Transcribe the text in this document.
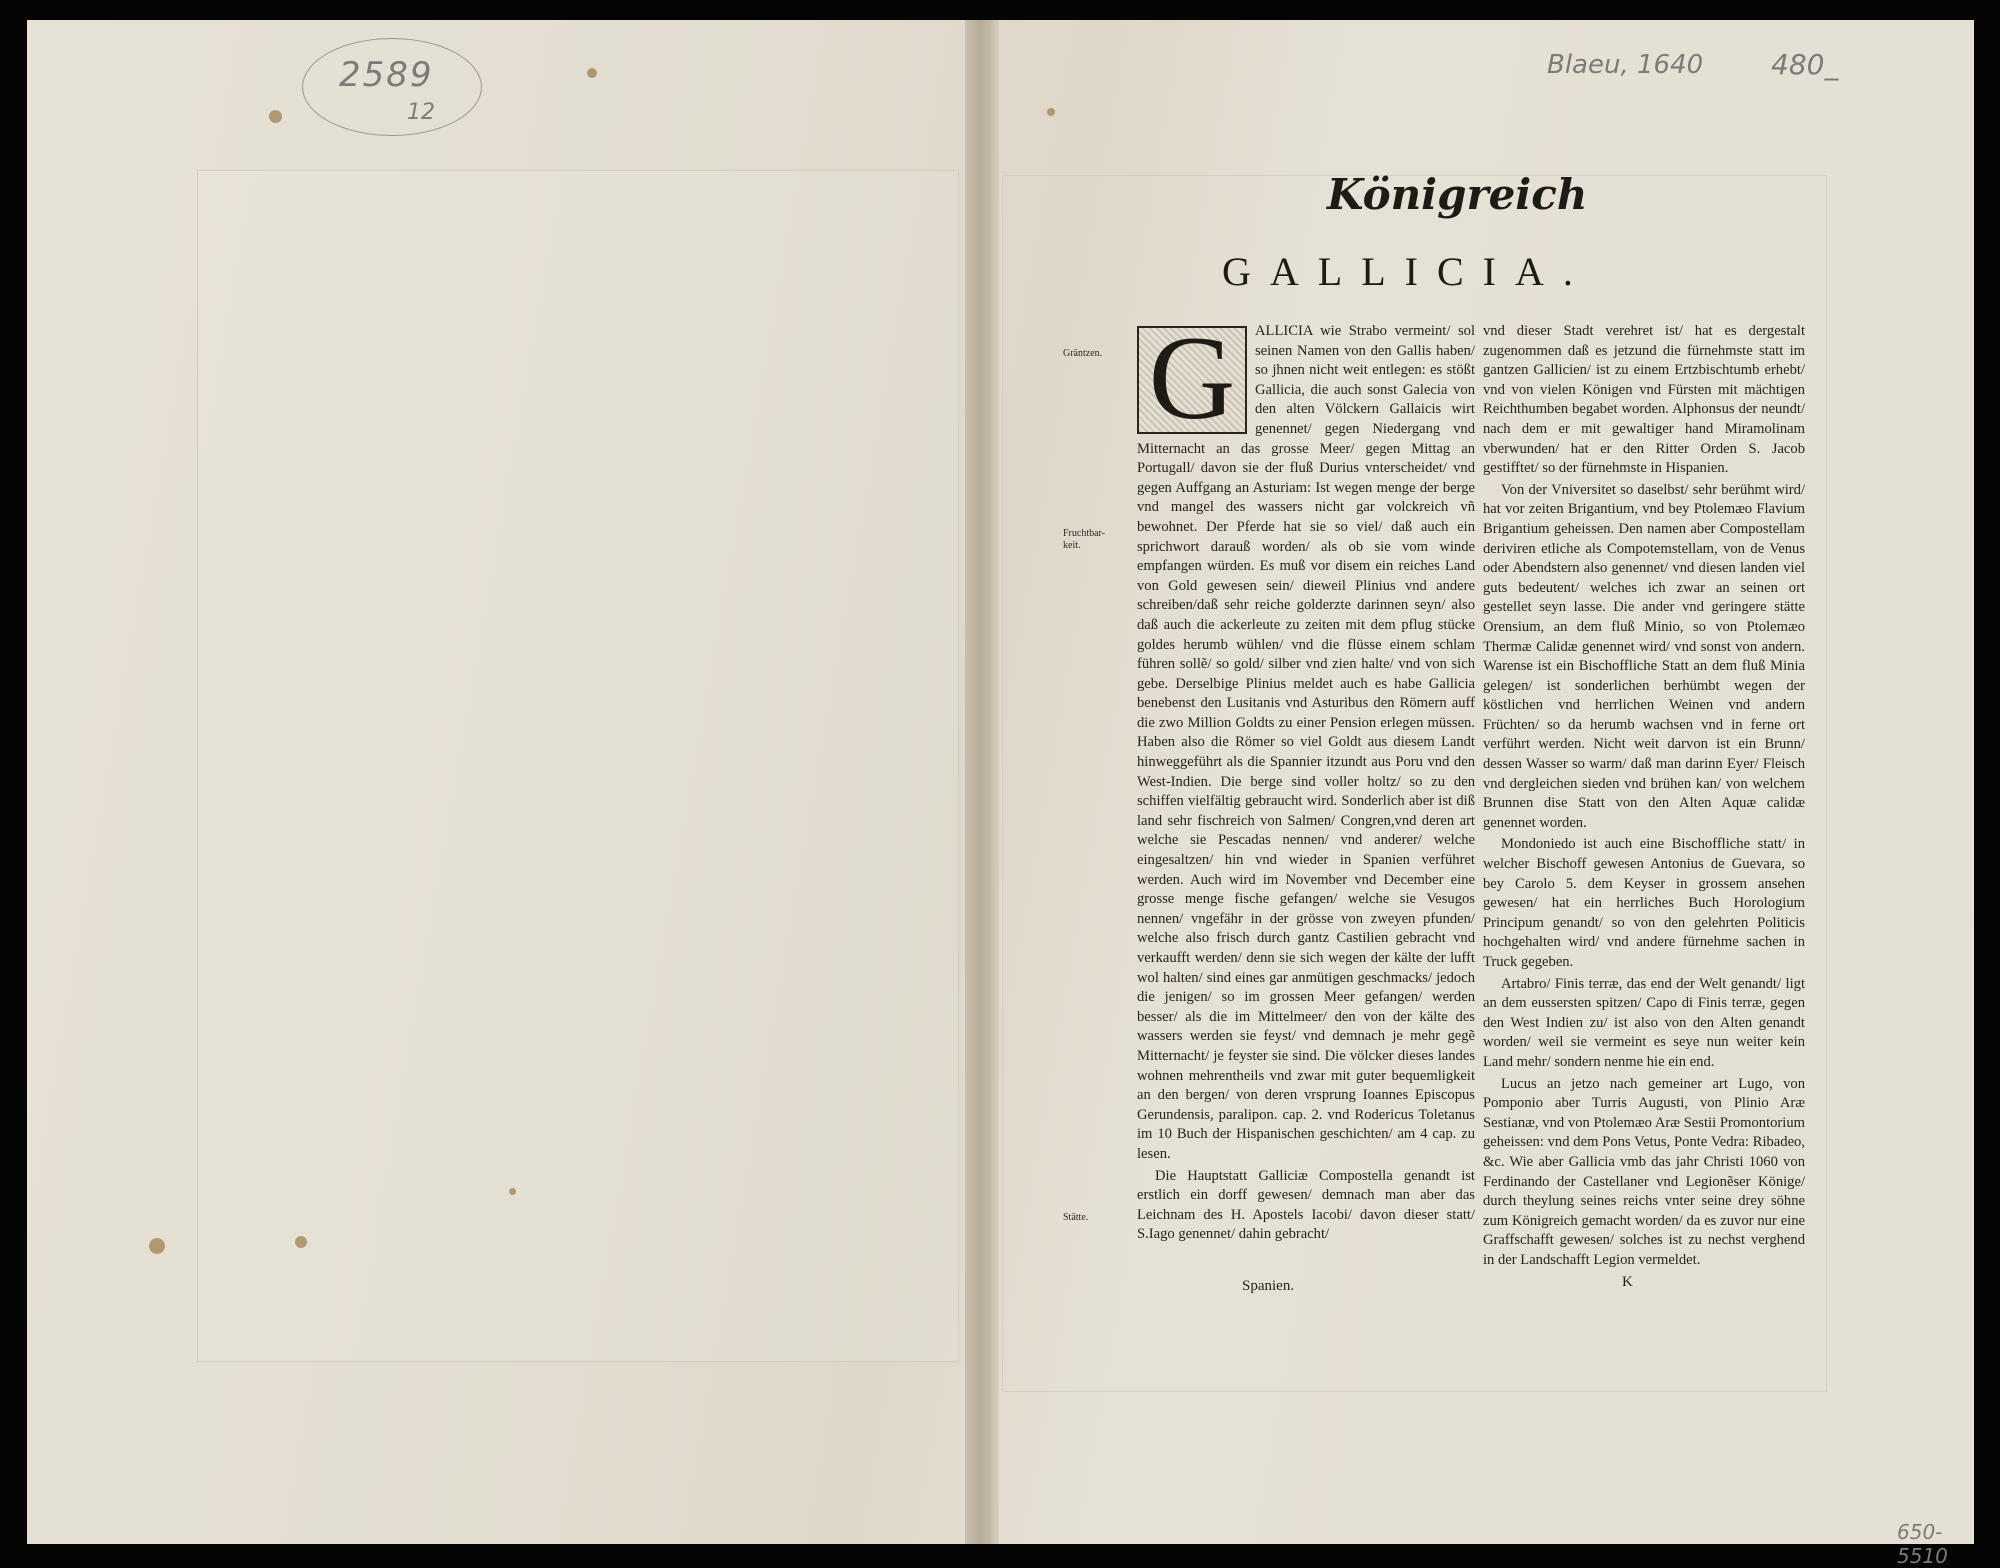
2589
12
Blaeu, 1640 480_
650-5510
Königreich
GALLICIA.
Gräntzen.
Fruchtbar-keit.
Stätte.
G	ALLICIA wie Strabo vermeint/ sol seinen Namen von den Gallis haben/ so jhnen nicht weit entlegen: es stößt Gallicia, die auch sonst Galecia von den alten Völckern Gallaicis wirt genennet/ gegen Niedergang vnd Mitternacht an das grosse Meer/ gegen Mittag an Portugall/ davon sie der fluß Durius vnterscheidet/ vnd gegen Auffgang an Asturiam: Ist wegen menge der berge vnd mangel des wassers nicht gar volckreich vñ bewohnet. Der Pferde hat sie so viel/ daß auch ein sprichwort darauß worden/ als ob sie vom winde empfangen würden. Es muß vor disem ein reiches Land von Gold gewesen sein/ dieweil Plinius vnd andere schreiben/daß sehr reiche golderzte darinnen seyn/ also daß auch die ackerleute zu zeiten mit dem pflug stücke goldes herumb wühlen/ vnd die flüsse einem schlam führen sollẽ/ so gold/ silber vnd zien halte/ vnd von sich gebe. Derselbige Plinius meldet auch es habe Gallicia benebenst den Lusitanis vnd Asturibus den Römern auff die zwo Million Goldts zu einer Pension erlegen müssen. Haben also die Römer so viel Goldt aus diesem Landt hinweggeführt als die Spannier itzundt aus Poru vnd den West-Indien. Die berge sind voller holtz/ so zu den schiffen vielfältig gebraucht wird. Sonderlich aber ist diß land sehr fischreich von Salmen/ Congren,vnd deren art welche sie Pescadas nennen/ vnd anderer/ welche eingesaltzen/ hin vnd wieder in Spanien verführet werden. Auch wird im November vnd December eine grosse menge fische gefangen/ welche sie Vesugos nennen/ vngefähr in der grösse von zweyen pfunden/ welche also frisch durch gantz Castilien gebracht vnd verkaufft werden/ denn sie sich wegen der kälte der lufft wol halten/ sind eines gar anmütigen geschmacks/ jedoch die jenigen/ so im grossen Meer gefangen/ werden besser/ als die im Mittelmeer/ den von der kälte des wassers werden sie feyst/ vnd demnach je mehr gegẽ Mitternacht/ je feyster sie sind. Die völcker dieses landes wohnen mehrentheils vnd zwar mit guter bequemligkeit an den bergen/ von deren vrsprung Ioannes Episcopus Gerundensis, paralipon. cap. 2. vnd Rodericus Toletanus im 10 Buch der Hispanischen geschichten/ am 4 cap. zu lesen.

Die Hauptstatt Galliciæ Compostella genandt ist erstlich ein dorff gewesen/ demnach man aber das Leichnam des H. Apostels Iacobi/ davon dieser statt/ S.Iago genennet/ dahin gebracht/

vnd dieser Stadt verehret ist/ hat es dergestalt zugenommen daß es jetzund die fürnehmste statt im gantzen Gallicien/ ist zu einem Ertzbischtumb erhebt/ vnd von vielen Königen vnd Fürsten mit mächtigen Reichthumben begabet worden. Alphonsus der neundt/ nach dem er mit gewaltiger hand Miramolinam vberwunden/ hat er den Ritter Orden S. Jacob gestifftet/ so der fürnehmste in Hispanien.

Von der Vniversitet so daselbst/ sehr berühmt wird/ hat vor zeiten Brigantium, vnd bey Ptolemæo Flavium Brigantium geheissen. Den namen aber Compostellam deriviren etliche als Compotemstellam, von de Venus oder Abendstern also genennet/ vnd diesen landen viel guts bedeutent/ welches ich zwar an seinen ort gestellet seyn lasse. Die ander vnd geringere stätte Orensium, an dem fluß Minio, so von Ptolemæo Thermæ Calidæ genennet wird/ vnd sonst von andern. Warense ist ein Bischoffliche Statt an dem fluß Minia gelegen/ ist sonderlichen berhümbt wegen der köstlichen vnd herrlichen Weinen vnd andern Früchten/ so da herumb wachsen vnd in ferne ort verführt werden. Nicht weit darvon ist ein Brunn/ dessen Wasser so warm/ daß man darinn Eyer/ Fleisch vnd dergleichen sieden vnd brühen kan/ von welchem Brunnen dise Statt von den Alten Aquæ calidæ genennet worden.

Mondoniedo ist auch eine Bischoffliche statt/ in welcher Bischoff gewesen Antonius de Guevara, so bey Carolo 5. dem Keyser in grossem ansehen gewesen/ hat ein herrliches Buch Horologium Principum genandt/ so von den gelehrten Politicis hochgehalten wird/ vnd andere fürnehme sachen in Truck gegeben.

Artabro/ Finis terræ, das end der Welt genandt/ ligt an dem eussersten spitzen/ Capo di Finis terræ, gegen den West Indien zu/ ist also von den Alten genandt worden/ weil sie vermeint es seye nun weiter kein Land mehr/ sondern nenme hie ein end.

Lucus an jetzo nach gemeiner art Lugo, von Pomponio aber Turris Augusti, von Plinio Aræ Sestianæ, vnd von Ptolemæo Aræ Sestii Promontorium geheissen: vnd dem Pons Vetus, Ponte Vedra: Ribadeo, &c. Wie aber Gallicia vmb das jahr Christi 1060 von Ferdinando der Castellaner vnd Legionẽser Könige/ durch theylung seines reichs vnter seine drey söhne zum Königreich gemacht worden/ da es zuvor nur eine Graffschafft gewesen/ solches ist zu nechst verghend in der Landschafft Legion vermeldet.

Spanien.	K
